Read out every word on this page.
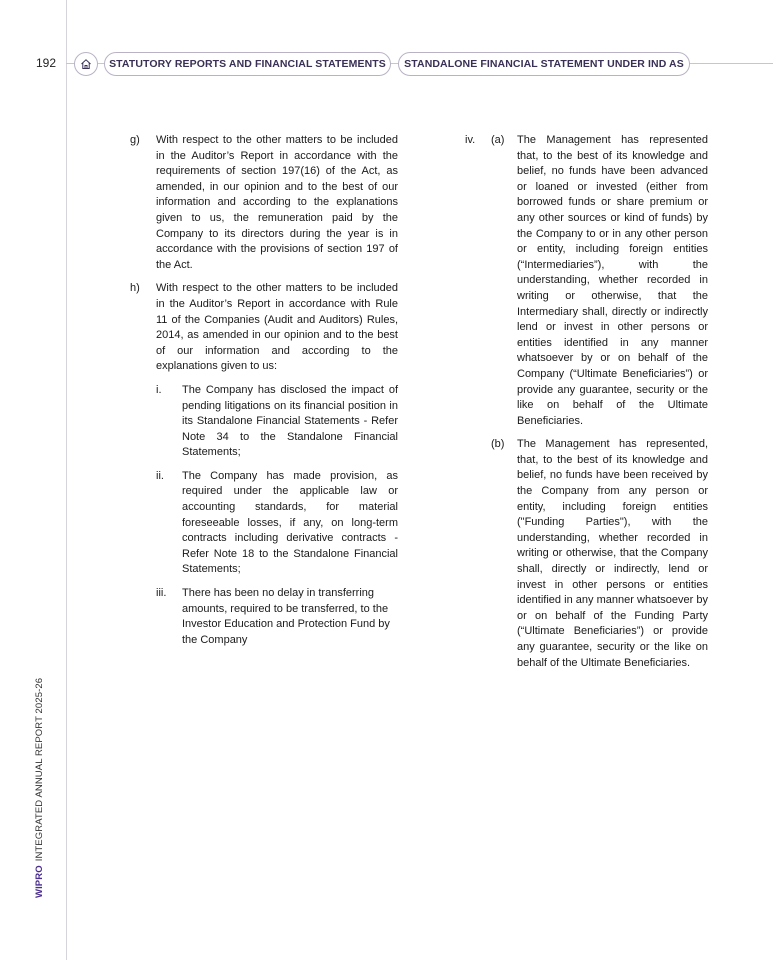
192	STATUTORY REPORTS AND FINANCIAL STATEMENTS	STANDALONE FINANCIAL STATEMENT UNDER IND AS
WIPROINTEGRATED ANNUAL REPORT 2025-26
g)	With respect to the other matters to be included in the Auditor’s Report in accordance with the requirements of section 197(16) of the Act, as amended, in our opinion and to the best of our information and according to the explanations given to us, the remuneration paid by the Company to its directors during the year is in accordance with the provisions of section 197 of the Act.
h)	With respect to the other matters to be included in the Auditor’s Report in accordance with Rule 11 of the Companies (Audit and Auditors) Rules, 2014, as amended in our opinion and to the best of our information and according to the explanations given to us:
i.	The Company has disclosed the impact of pending litigations on its financial position in its Standalone Financial Statements - Refer Note 34 to the Standalone Financial Statements;
ii.	The Company has made provision, as required under the applicable law or accounting standards, for material foreseeable losses, if any, on long-term contracts including derivative contracts - Refer Note 18 to the Standalone Financial Statements;
iii.	There has been no delay in transferring amounts, required to be transferred, to the Investor Education and Protection Fund by the Company
iv.	(a)	The Management has represented that, to the best of its knowledge and belief, no funds have been advanced or loaned or invested (either from borrowed funds or share premium or any other sources or kind of funds) by the Company to or in any other person or entity, including foreign entities (“Intermediaries”), with the understanding, whether recorded in writing or otherwise, that the Intermediary shall, directly or indirectly lend or invest in other persons or entities identified in any manner whatsoever by or on behalf of the Company (“Ultimate Beneficiaries”) or provide any guarantee, security or the like on behalf of the Ultimate Beneficiaries.
(b)	The Management has represented, that, to the best of its knowledge and belief, no funds have been received by the Company from any person or entity, including foreign entities ("Funding Parties"), with the understanding, whether recorded in writing or otherwise, that the Company shall, directly or indirectly, lend or invest in other persons or entities identified in any manner whatsoever by or on behalf of the Funding Party (“Ultimate Beneficiaries”) or provide any guarantee, security or the like on behalf of the Ultimate Beneficiaries.
